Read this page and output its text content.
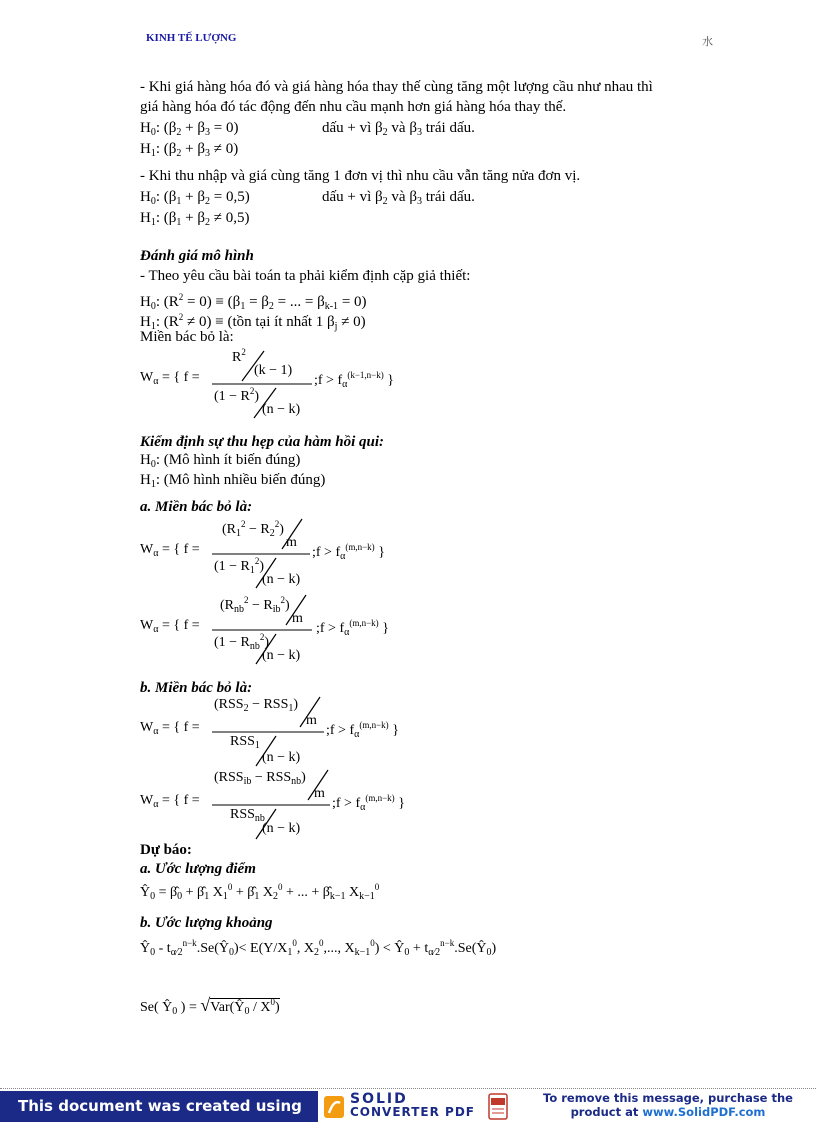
KINH TẾ LƯỢNG	水
- Khi giá hàng hóa đó và giá hàng hóa thay thế cùng tăng một lượng cầu như nhau thì
giá hàng hóa đó tác động đến nhu cầu mạnh hơn giá hàng hóa thay thế.
$H_0$: $(\beta_2 + \beta_3 = 0)$	dấu + vì $\beta_2$ và $\beta_3$ trái dấu.
$H_1$: $(\beta_2 + \beta_3 \ne 0)$
- Khi thu nhập và giá cùng tăng 1 đơn vị thì nhu cầu vẫn tăng nửa đơn vị.
$H_0$: $(\beta_1 + \beta_2 = 0,5)$	dấu + vì $\beta_2$ và $\beta_3$ trái dấu.
$H_1$: $(\beta_1 + \beta_2 \ne 0,5)$
Đánh giá mô hình
- Theo yêu cầu bài toán ta phải kiểm định cặp giả thiết:
$H_0$: $(R^2 = 0) \equiv (\beta_1 = \beta_2$ = ... = $\beta_{k-1} = 0$)
$H_1$: $(R^2 \ne 0)$ ≡ (tồn tại ít nhất 1 $\beta_j \ne 0$)
Miền bác bỏ là:
$W_\alpha$ = { f =
$R^2$
(k − 1)
$(1 - R^2)$
(n − k)
;f > $f_\alpha^{(k-1,n-k)}$ }
Kiểm định sự thu hẹp của hàm hồi qui:
$H_0$: (Mô hình ít biến đúng)
$H_1$: (Mô hình nhiều biến đúng)
a. Miền bác bỏ là:
$W_\alpha$ = { f =
$(R_1^2 - R_2^2)$
m
$(1 - R_1^2)$
(n − k)
;f > $f_\alpha^{(m,n-k)}$ }
$W_\alpha$ = { f =
$(R_{nb}^2 - R_{ib}^2)$
m
$(1 - R_{nb}^2)$
(n − k)
;f > $f_\alpha^{(m,n-k)}$ }
b. Miền bác bỏ là:
$W_\alpha$ = { f =
$(RSS_2 - RSS_1)$
m
$RSS_1$
(n − k)
;f > $f_\alpha^{(m,n-k)}$ }
$W_\alpha$ = { f =
$(RSS_{ib} - RSS_{nb})$
m
$RSS_{nb}$
(n − k)
;f > $f_\alpha^{(m,n-k)}$ }
Dự báo:
a. Ước lượng điểm
$Ŷ_0$ = $\betâ_0$ + $\betâ_1$ $X_1^0$ + $\betâ_1$ $X_2^0$ + ... + $\betâ_{k-1}$ $X_{k-1}^0$
b. Ước lượng khoảng
$Ŷ_0$ - $t_{\alpha⁄2}^{n-k}.Se(Ŷ_0)< E(Y/X_1^0$, $X_2^0$,..., $X_{k-1}^0$) < $Ŷ_0$ + $t_{\alpha⁄2}^{n-k}.Se(Ŷ_0)$
Se( $Ŷ_0$ ) = $√Var(Ŷ_0 / X^0)$
This document was created using	SOLID
CONVERTER PDF
To remove this message, purchase the
product at www.SolidPDF.com
